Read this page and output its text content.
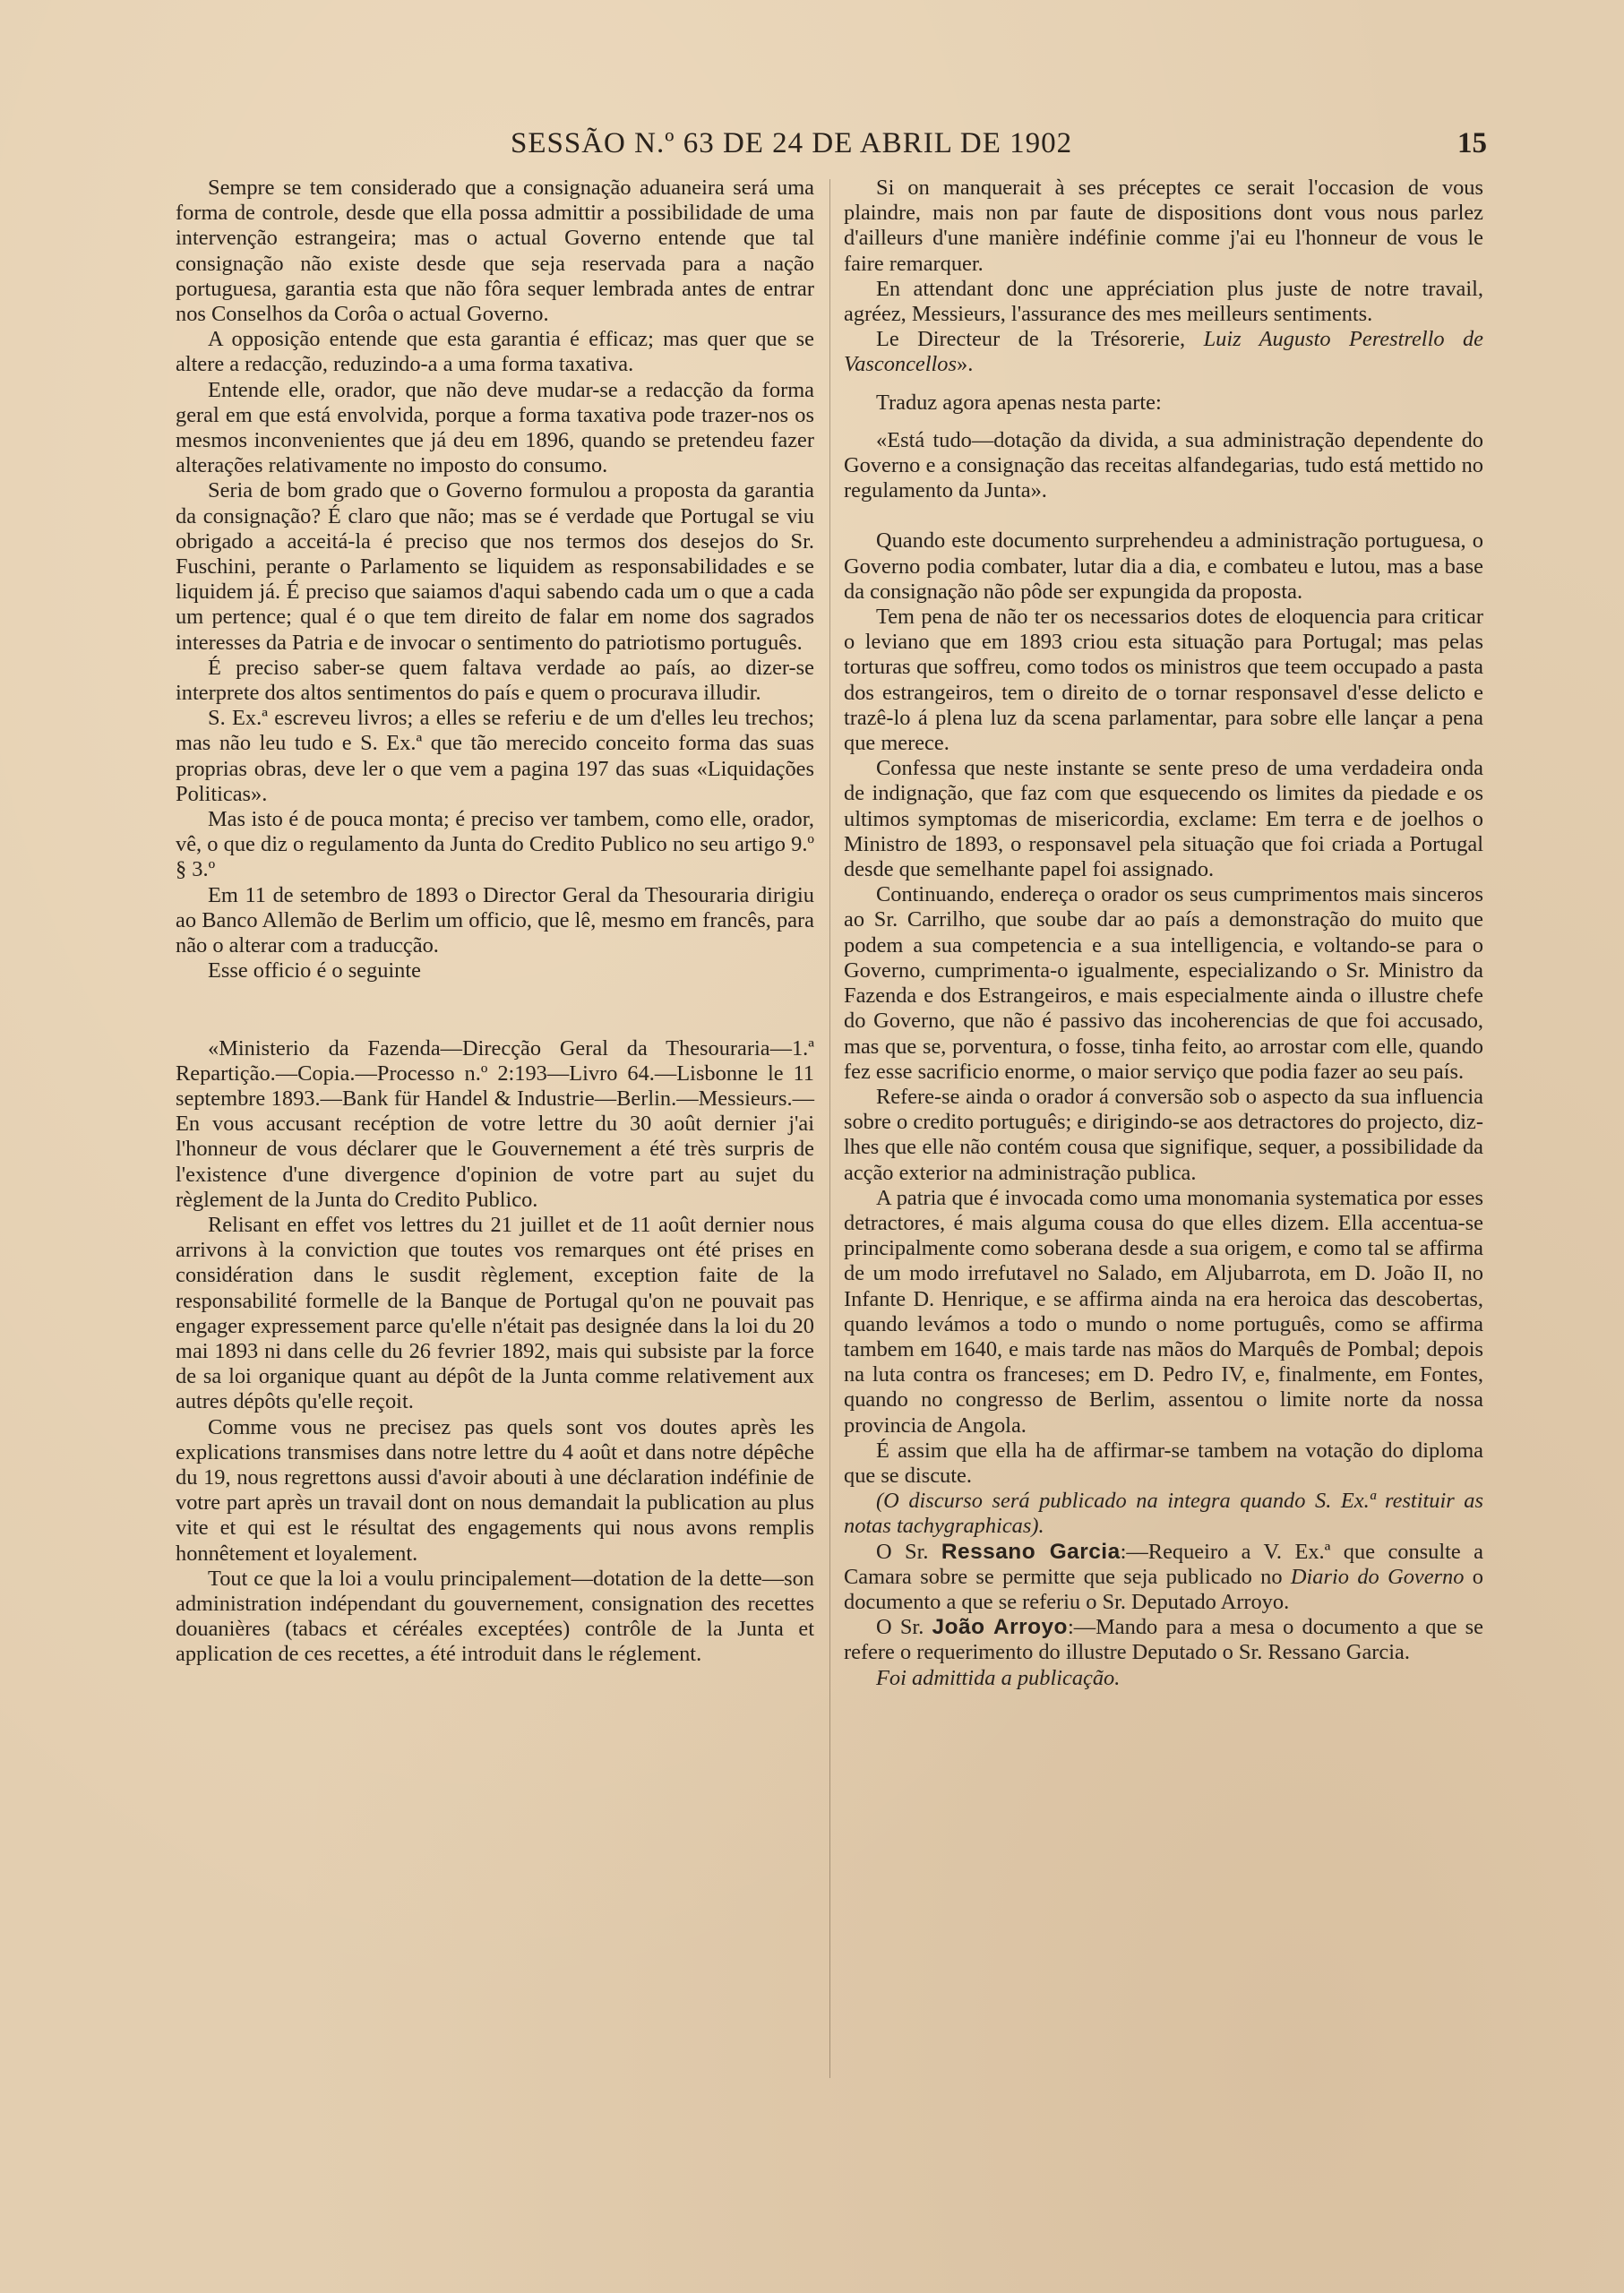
SESSÃO N.º 63 DE 24 DE ABRIL DE 1902	15

Sempre se tem considerado que a consignação aduaneira será uma forma de controle, desde que ella possa admittir a possibilidade de uma intervenção estrangeira; mas o actual Governo entende que tal consignação não existe desde que seja reservada para a nação portuguesa, garantia esta que não fôra sequer lembrada antes de entrar nos Conselhos da Corôa o actual Governo.

A opposição entende que esta garantia é efficaz; mas quer que se altere a redacção, reduzindo-a a uma forma taxativa.

Entende elle, orador, que não deve mudar-se a redacção da forma geral em que está envolvida, porque a forma taxativa pode trazer-nos os mesmos inconvenientes que já deu em 1896, quando se pretendeu fazer alterações relativamente no imposto do consumo.

Seria de bom grado que o Governo formulou a proposta da garantia da consignação? É claro que não; mas se é verdade que Portugal se viu obrigado a acceitá-la é preciso que nos termos dos desejos do Sr. Fuschini, perante o Parlamento se liquidem as responsabilidades e se liquidem já. É preciso que saiamos d'aqui sabendo cada um o que a cada um pertence; qual é o que tem direito de falar em nome dos sagrados interesses da Patria e de invocar o sentimento do patriotismo português.

É preciso saber-se quem faltava verdade ao país, ao dizer-se interprete dos altos sentimentos do país e quem o procurava illudir.

S. Ex.ª escreveu livros; a elles se referiu e de um d'elles leu trechos; mas não leu tudo e S. Ex.ª que tão merecido conceito forma das suas proprias obras, deve ler o que vem a pagina 197 das suas «Liquidações Politicas».

Mas isto é de pouca monta; é preciso ver tambem, como elle, orador, vê, o que diz o regulamento da Junta do Credito Publico no seu artigo 9.º § 3.º

Em 11 de setembro de 1893 o Director Geral da Thesouraria dirigiu ao Banco Allemão de Berlim um officio, que lê, mesmo em francês, para não o alterar com a traducção.

Esse officio é o seguinte

«Ministerio da Fazenda—Direcção Geral da Thesouraria—1.ª Repartição.—Copia.—Processo n.º 2:193—Livro 64.—Lisbonne le 11 septembre 1893.—Bank für Handel & Industrie—Berlin.—Messieurs.—En vous accusant recéption de votre lettre du 30 août dernier j'ai l'honneur de vous déclarer que le Gouvernement a été très surpris de l'existence d'une divergence d'opinion de votre part au sujet du règlement de la Junta do Credito Publico.

Relisant en effet vos lettres du 21 juillet et de 11 août dernier nous arrivons à la conviction que toutes vos remarques ont été prises en considération dans le susdit règlement, exception faite de la responsabilité formelle de la Banque de Portugal qu'on ne pouvait pas engager expressement parce qu'elle n'était pas designée dans la loi du 20 mai 1893 ni dans celle du 26 fevrier 1892, mais qui subsiste par la force de sa loi organique quant au dépôt de la Junta comme relativement aux autres dépôts qu'elle reçoit.

Comme vous ne precisez pas quels sont vos doutes après les explications transmises dans notre lettre du 4 août et dans notre dépêche du 19, nous regrettons aussi d'avoir abouti à une déclaration indéfinie de votre part après un travail dont on nous demandait la publication au plus vite et qui est le résultat des engagements qui nous avons remplis honnêtement et loyalement.

Tout ce que la loi a voulu principalement—dotation de la dette—son administration indépendant du gouvernement, consignation des recettes douanières (tabacs et céréales exceptées) contrôle de la Junta et application de ces recettes, a été introduit dans le réglement.

Si on manquerait à ses préceptes ce serait l'occasion de vous plaindre, mais non par faute de dispositions dont vous nous parlez d'ailleurs d'une manière indéfinie comme j'ai eu l'honneur de vous le faire remarquer.

En attendant donc une appréciation plus juste de notre travail, agréez, Messieurs, l'assurance des mes meilleurs sentiments.

Le Directeur de la Trésorerie, Luiz Augusto Perestrello de Vasconcellos».

Traduz agora apenas nesta parte:

«Está tudo—dotação da divida, a sua administração dependente do Governo e a consignação das receitas alfandegarias, tudo está mettido no regulamento da Junta».

Quando este documento surprehendeu a administração portuguesa, o Governo podia combater, lutar dia a dia, e combateu e lutou, mas a base da consignação não pôde ser expungida da proposta.

Tem pena de não ter os necessarios dotes de eloquencia para criticar o leviano que em 1893 criou esta situação para Portugal; mas pelas torturas que soffreu, como todos os ministros que teem occupado a pasta dos estrangeiros, tem o direito de o tornar responsavel d'esse delicto e trazê-lo á plena luz da scena parlamentar, para sobre elle lançar a pena que merece.

Confessa que neste instante se sente preso de uma verdadeira onda de indignação, que faz com que esquecendo os limites da piedade e os ultimos symptomas de misericordia, exclame: Em terra e de joelhos o Ministro de 1893, o responsavel pela situação que foi criada a Portugal desde que semelhante papel foi assignado.

Continuando, endereça o orador os seus cumprimentos mais sinceros ao Sr. Carrilho, que soube dar ao país a demonstração do muito que podem a sua competencia e a sua intelligencia, e voltando-se para o Governo, cumprimenta-o igualmente, especializando o Sr. Ministro da Fazenda e dos Estrangeiros, e mais especialmente ainda o illustre chefe do Governo, que não é passivo das incoherencias de que foi accusado, mas que se, porventura, o fosse, tinha feito, ao arrostar com elle, quando fez esse sacrificio enorme, o maior serviço que podia fazer ao seu país.

Refere-se ainda o orador á conversão sob o aspecto da sua influencia sobre o credito português; e dirigindo-se aos detractores do projecto, diz-lhes que elle não contém cousa que signifique, sequer, a possibilidade da acção exterior na administração publica.

A patria que é invocada como uma monomania systematica por esses detractores, é mais alguma cousa do que elles dizem. Ella accentua-se principalmente como soberana desde a sua origem, e como tal se affirma de um modo irrefutavel no Salado, em Aljubarrota, em D. João II, no Infante D. Henrique, e se affirma ainda na era heroica das descobertas, quando levámos a todo o mundo o nome português, como se affirma tambem em 1640, e mais tarde nas mãos do Marquês de Pombal; depois na luta contra os franceses; em D. Pedro IV, e, finalmente, em Fontes, quando no congresso de Berlim, assentou o limite norte da nossa provincia de Angola.

É assim que ella ha de affirmar-se tambem na votação do diploma que se discute.

(O discurso será publicado na integra quando S. Ex.ª restituir as notas tachygraphicas).

O Sr. Ressano Garcia:—Requeiro a V. Ex.ª que consulte a Camara sobre se permitte que seja publicado no Diario do Governo o documento a que se referiu o Sr. Deputado Arroyo.

O Sr. João Arroyo:—Mando para a mesa o documento a que se refere o requerimento do illustre Deputado o Sr. Ressano Garcia.

Foi admittida a publicação.
